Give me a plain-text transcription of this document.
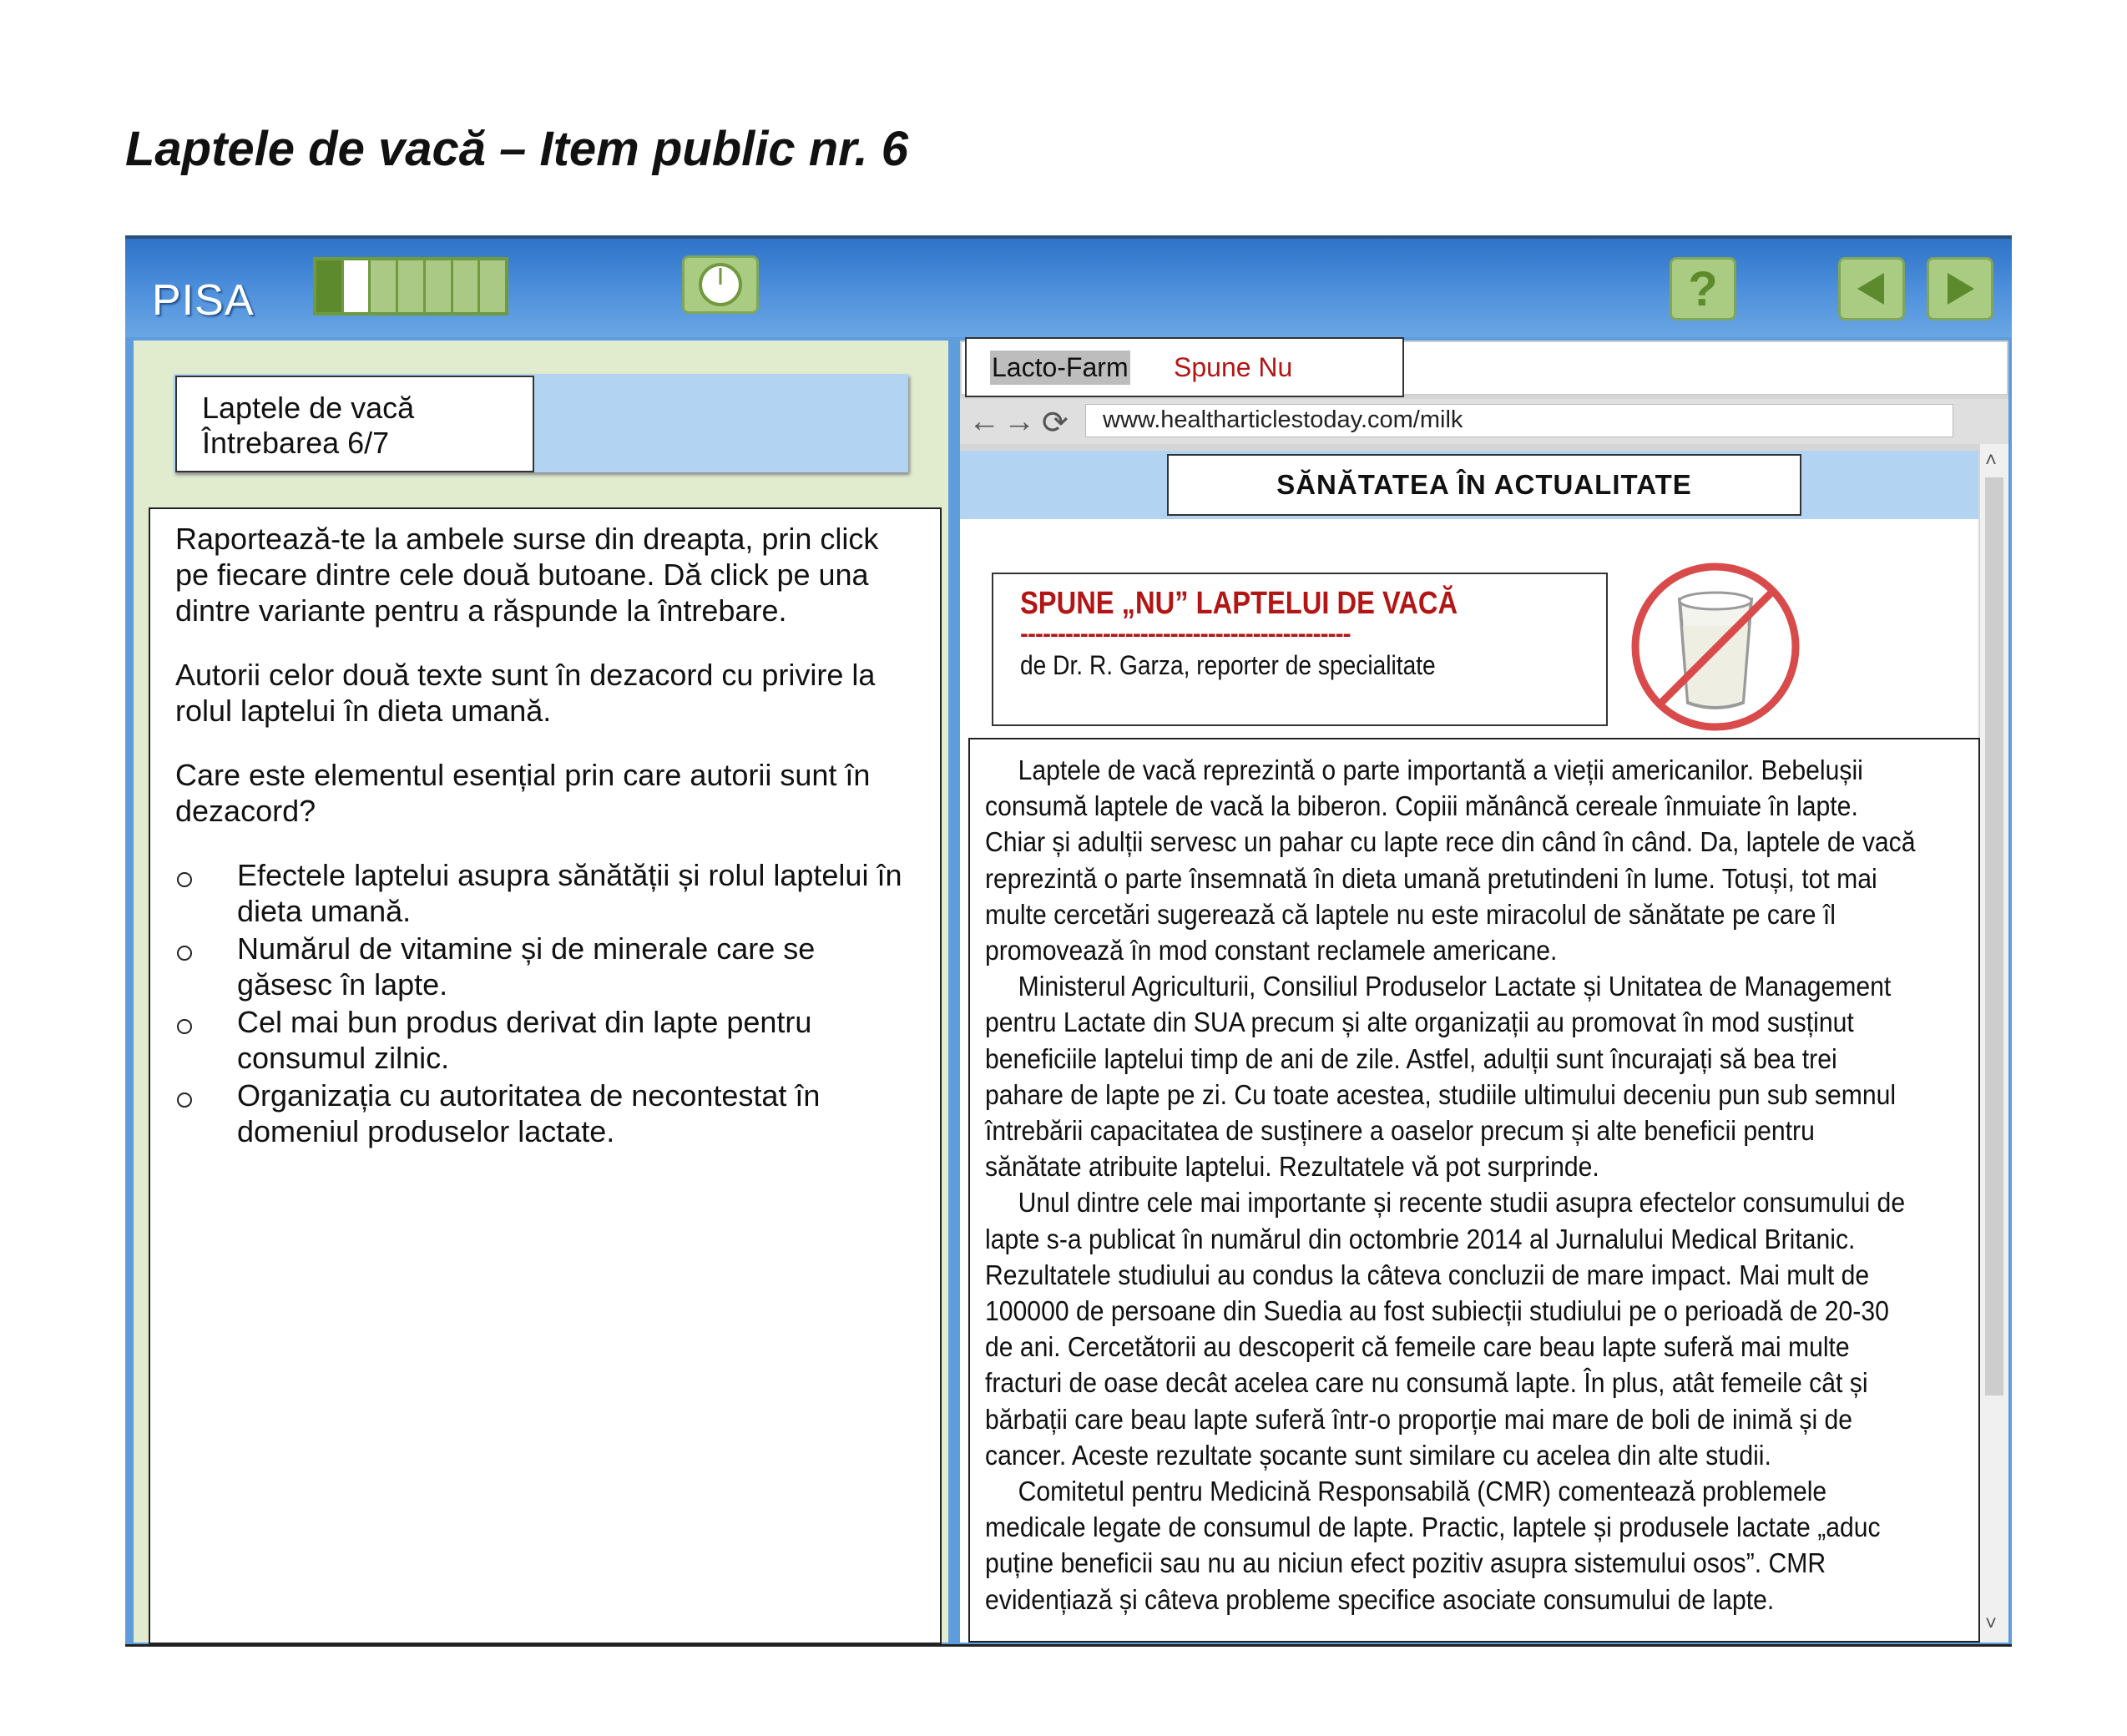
Laptele de vacă – Item public nr. 6
PISA	?
Laptele de vacă
Întrebarea 6/7

Raportează-te la ambele surse din dreapta, prin click pe fiecare dintre cele două butoane. Dă click pe una dintre variante pentru a răspunde la întrebare.

Autorii celor două texte sunt în dezacord cu privire la rolul laptelui în dieta umană.

Care este elementul esențial prin care autorii sunt în dezacord?

Efectele laptelui asupra sănătății și rolul laptelui în dieta umană.
Numărul de vitamine și de minerale care se găsesc în lapte.
Cel mai bun produs derivat din lapte pentru consumul zilnic.
Organizația cu autoritatea de necontestat în domeniul produselor lactate.
Lacto-Farm Spune Nu
← → ⟳	www.healtharticlestoday.com/milk
SĂNĂTATEA ÎN ACTUALITATE
˄
˅
SPUNE „NU” LAPTELUI DE VACĂ
--------------------------------------------
de Dr. R. Garza, reporter de specialitate

Laptele de vacă reprezintă o parte importantă a vieții americanilor. Bebelușii consumă laptele de vacă la biberon. Copiii mănâncă cereale înmuiate în lapte. Chiar și adulții servesc un pahar cu lapte rece din când în când. Da, laptele de vacă reprezintă o parte însemnată în dieta umană pretutindeni în lume. Totuși, tot mai multe cercetări sugerează că laptele nu este miracolul de sănătate pe care îl promovează în mod constant reclamele americane.

Ministerul Agriculturii, Consiliul Produselor Lactate și Unitatea de Management pentru Lactate din SUA precum și alte organizații au promovat în mod susținut beneficiile laptelui timp de ani de zile. Astfel, adulții sunt încurajați să bea trei pahare de lapte pe zi. Cu toate acestea, studiile ultimului deceniu pun sub semnul întrebării capacitatea de susținere a oaselor precum și alte beneficii pentru sănătate atribuite laptelui. Rezultatele vă pot surprinde.

Unul dintre cele mai importante și recente studii asupra efectelor consumului de lapte s-a publicat în numărul din octombrie 2014 al Jurnalului Medical Britanic. Rezultatele studiului au condus la câteva concluzii de mare impact. Mai mult de 100000 de persoane din Suedia au fost subiecții studiului pe o perioadă de 20-30 de ani. Cercetătorii au descoperit că femeile care beau lapte suferă mai multe fracturi de oase decât acelea care nu consumă lapte. În plus, atât femeile cât și bărbații care beau lapte suferă într-o proporție mai mare de boli de inimă și de cancer. Aceste rezultate șocante sunt similare cu acelea din alte studii.

Comitetul pentru Medicină Responsabilă (CMR) comentează problemele medicale legate de consumul de lapte. Practic, laptele și produsele lactate „aduc puține beneficii sau nu au niciun efect pozitiv asupra sistemului osos”. CMR evidențiază și câteva probleme specifice asociate consumului de lapte.
